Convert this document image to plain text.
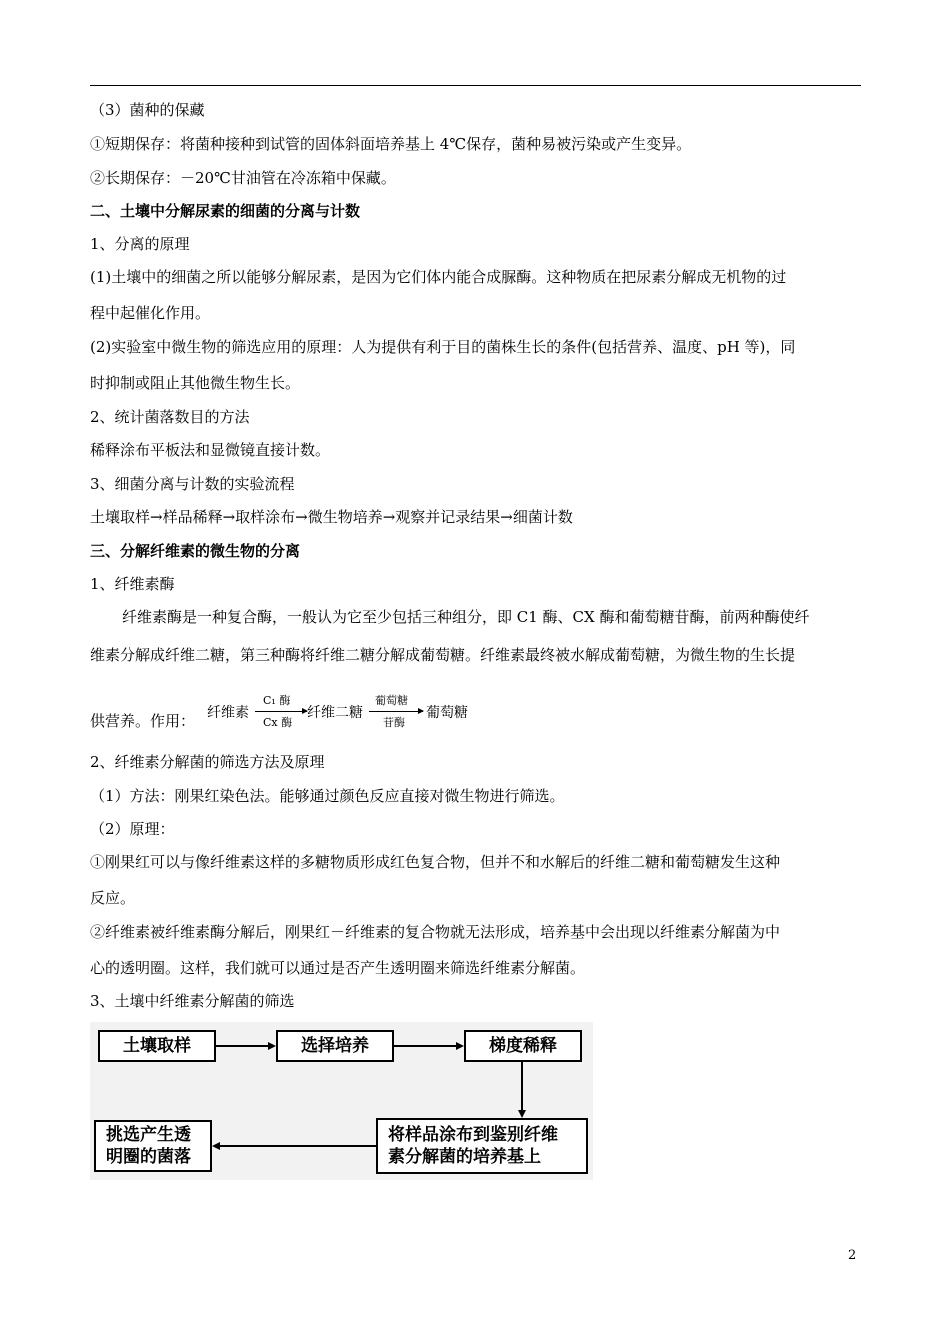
（3）菌种的保藏
①短期保存：将菌种接种到试管的固体斜面培养基上 4℃保存，菌种易被污染或产生变异。
②长期保存：－20℃甘油管在冷冻箱中保藏。
二、土壤中分解尿素的细菌的分离与计数
1、分离的原理
(1)土壤中的细菌之所以能够分解尿素，是因为它们体内能合成脲酶。这种物质在把尿素分解成无机物的过
程中起催化作用。
(2)实验室中微生物的筛选应用的原理：人为提供有利于目的菌株生长的条件(包括营养、温度、pH 等)，同
时抑制或阻止其他微生物生长。
2、统计菌落数目的方法
稀释涂布平板法和显微镜直接计数。
3、细菌分离与计数的实验流程
土壤取样→样品稀释→取样涂布→微生物培养→观察并记录结果→细菌计数
三、分解纤维素的微生物的分离
1、纤维素酶
纤维素酶是一种复合酶，一般认为它至少包括三种组分，即 C1 酶、CX 酶和葡萄糖苷酶，前两种酶使纤
维素分解成纤维二糖，第三种酶将纤维二糖分解成葡萄糖。纤维素最终被水解成葡萄糖，为微生物的生长提
供营养。作用： 纤维素
C₁ 酶
Cx 酶
纤维二糖
葡萄糖
苷酶
葡萄糖
2、纤维素分解菌的筛选方法及原理
（1）方法：刚果红染色法。能够通过颜色反应直接对微生物进行筛选。
（2）原理：
①刚果红可以与像纤维素这样的多糖物质形成红色复合物，但并不和水解后的纤维二糖和葡萄糖发生这种
反应。
②纤维素被纤维素酶分解后，刚果红－纤维素的复合物就无法形成，培养基中会出现以纤维素分解菌为中
心的透明圈。这样，我们就可以通过是否产生透明圈来筛选纤维素分解菌。
3、土壤中纤维素分解菌的筛选
土壤取样	选择培养	梯度稀释
将样品涂布到鉴别纤维
素分解菌的培养基上
挑选产生透
明圈的菌落
2
